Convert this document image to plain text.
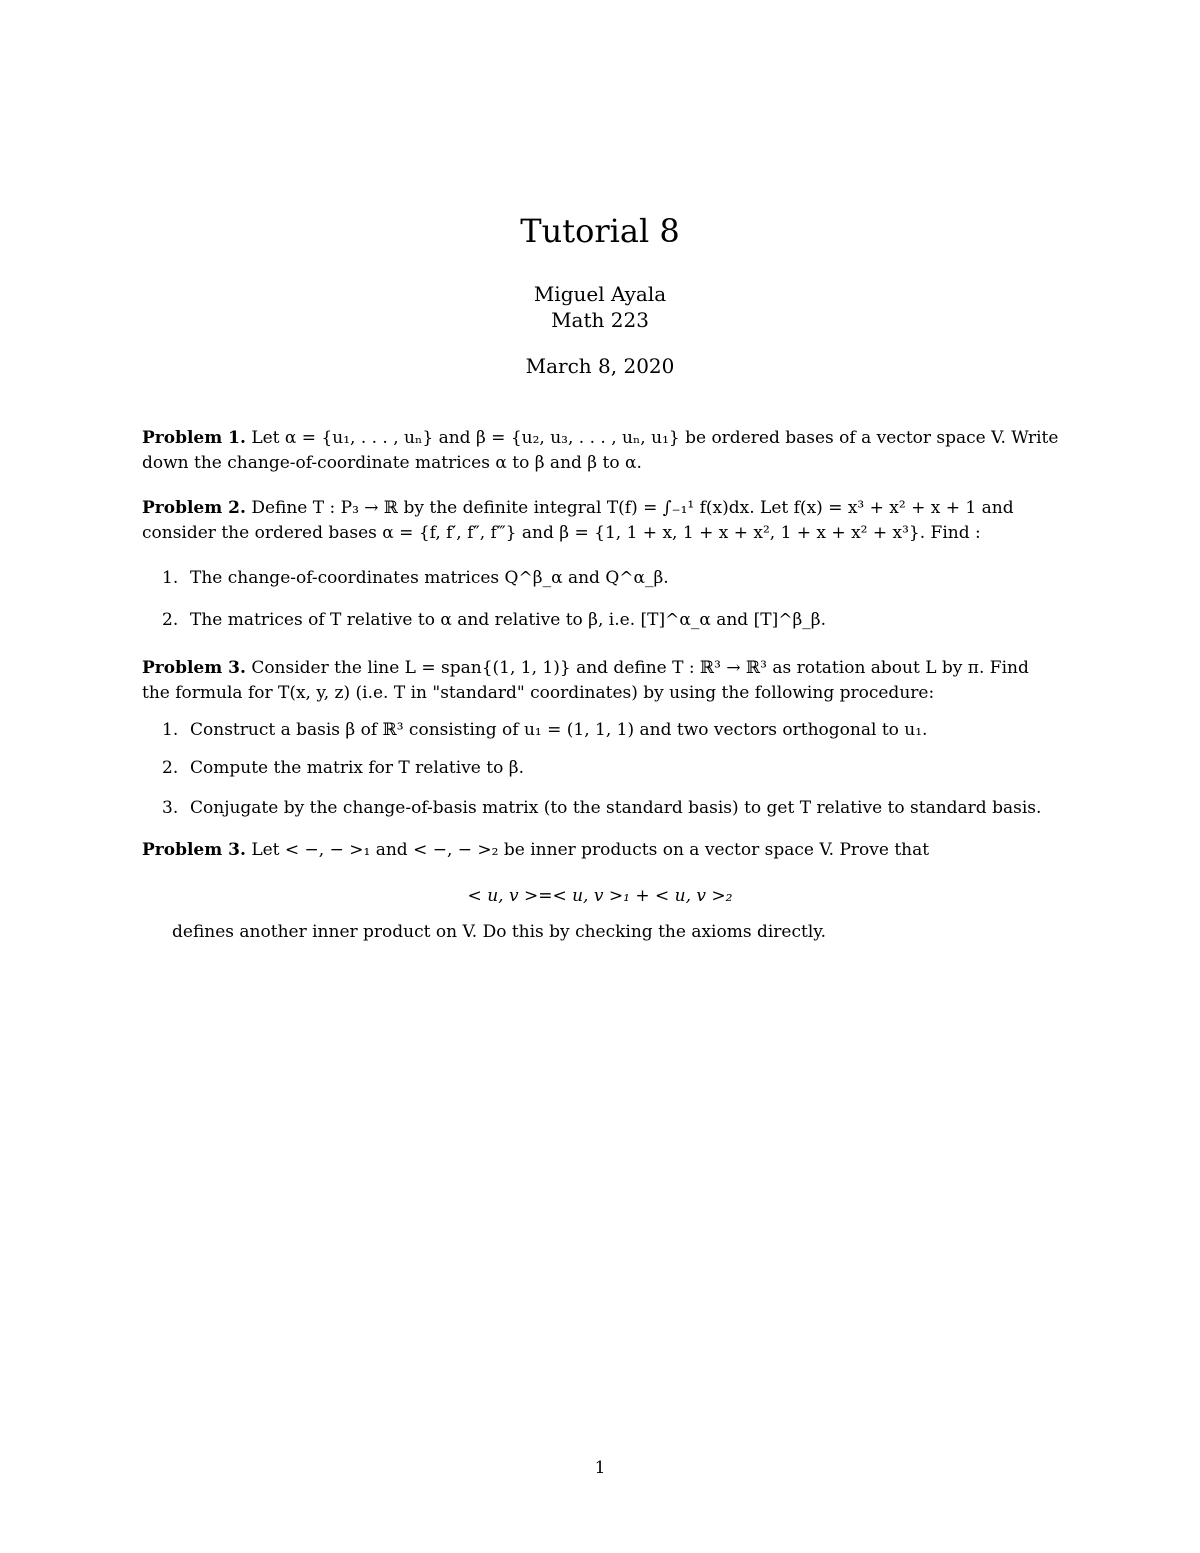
Tutorial 8
Miguel Ayala
Math 223
March 8, 2020
Problem 1. Let α = {u₁, . . . , uₙ} and β = {u₂, u₃, . . . , uₙ, u₁} be ordered bases of a vector space V. Write down the change-of-coordinate matrices α to β and β to α.
Problem 2. Define T : P₃ → ℝ by the definite integral T(f) = ∫₋₁¹ f(x)dx. Let f(x) = x³ + x² + x + 1 and consider the ordered bases α = {f, f′, f″, f‴} and β = {1, 1 + x, 1 + x + x², 1 + x + x² + x³}. Find :
1. The change-of-coordinates matrices Q^β_α and Q^α_β.
2. The matrices of T relative to α and relative to β, i.e. [T]^α_α and [T]^β_β.
Problem 3. Consider the line L = span{(1, 1, 1)} and define T : ℝ³ → ℝ³ as rotation about L by π. Find the formula for T(x, y, z) (i.e. T in "standard" coordinates) by using the following procedure:
1. Construct a basis β of ℝ³ consisting of u₁ = (1, 1, 1) and two vectors orthogonal to u₁.
2. Compute the matrix for T relative to β.
3. Conjugate by the change-of-basis matrix (to the standard basis) to get T relative to standard basis.
Problem 3. Let < −, − >₁ and < −, − >₂ be inner products on a vector space V. Prove that
< u, v >=< u, v >₁ + < u, v >₂
defines another inner product on V. Do this by checking the axioms directly.
1
